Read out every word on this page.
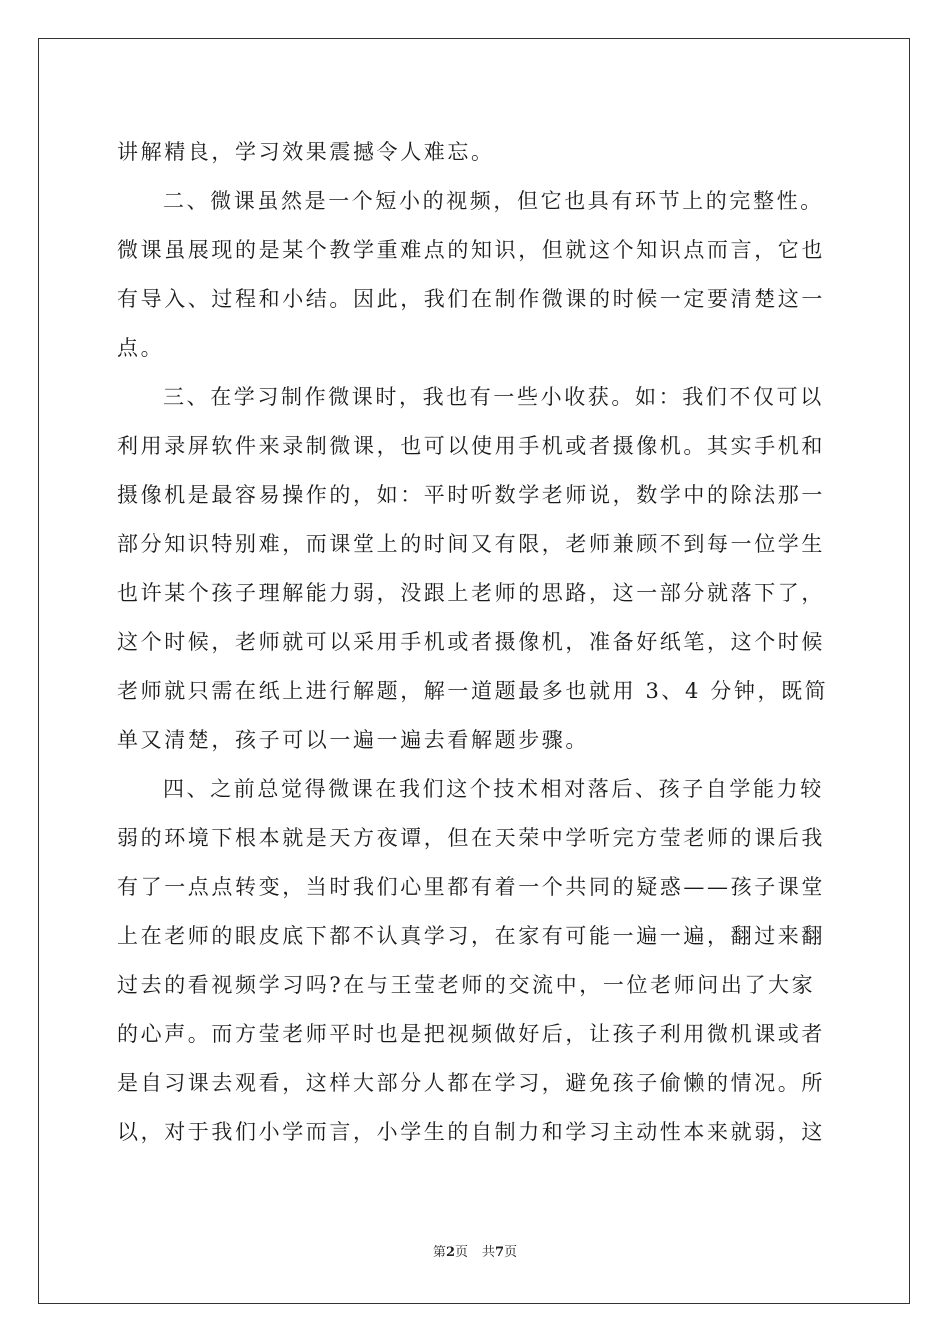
讲解精良，学习效果震撼令人难忘。
二、微课虽然是一个短小的视频，但它也具有环节上的完整性。
微课虽展现的是某个教学重难点的知识，但就这个知识点而言，它也
有导入、过程和小结。因此，我们在制作微课的时候一定要清楚这一
点。
三、在学习制作微课时，我也有一些小收获。如：我们不仅可以
利用录屏软件来录制微课，也可以使用手机或者摄像机。其实手机和
摄像机是最容易操作的，如：平时听数学老师说，数学中的除法那一
部分知识特别难，而课堂上的时间又有限，老师兼顾不到每一位学生
也许某个孩子理解能力弱，没跟上老师的思路，这一部分就落下了，
这个时候，老师就可以采用手机或者摄像机，准备好纸笔，这个时候
老师就只需在纸上进行解题，解一道题最多也就用 3、4 分钟，既简
单又清楚，孩子可以一遍一遍去看解题步骤。
四、之前总觉得微课在我们这个技术相对落后、孩子自学能力较
弱的环境下根本就是天方夜谭，但在天荣中学听完方莹老师的课后我
有了一点点转变，当时我们心里都有着一个共同的疑惑——孩子课堂
上在老师的眼皮底下都不认真学习，在家有可能一遍一遍，翻过来翻
过去的看视频学习吗?在与王莹老师的交流中，一位老师问出了大家
的心声。而方莹老师平时也是把视频做好后，让孩子利用微机课或者
是自习课去观看，这样大部分人都在学习，避免孩子偷懒的情况。所
以，对于我们小学而言，小学生的自制力和学习主动性本来就弱，这
第2页 共7页
